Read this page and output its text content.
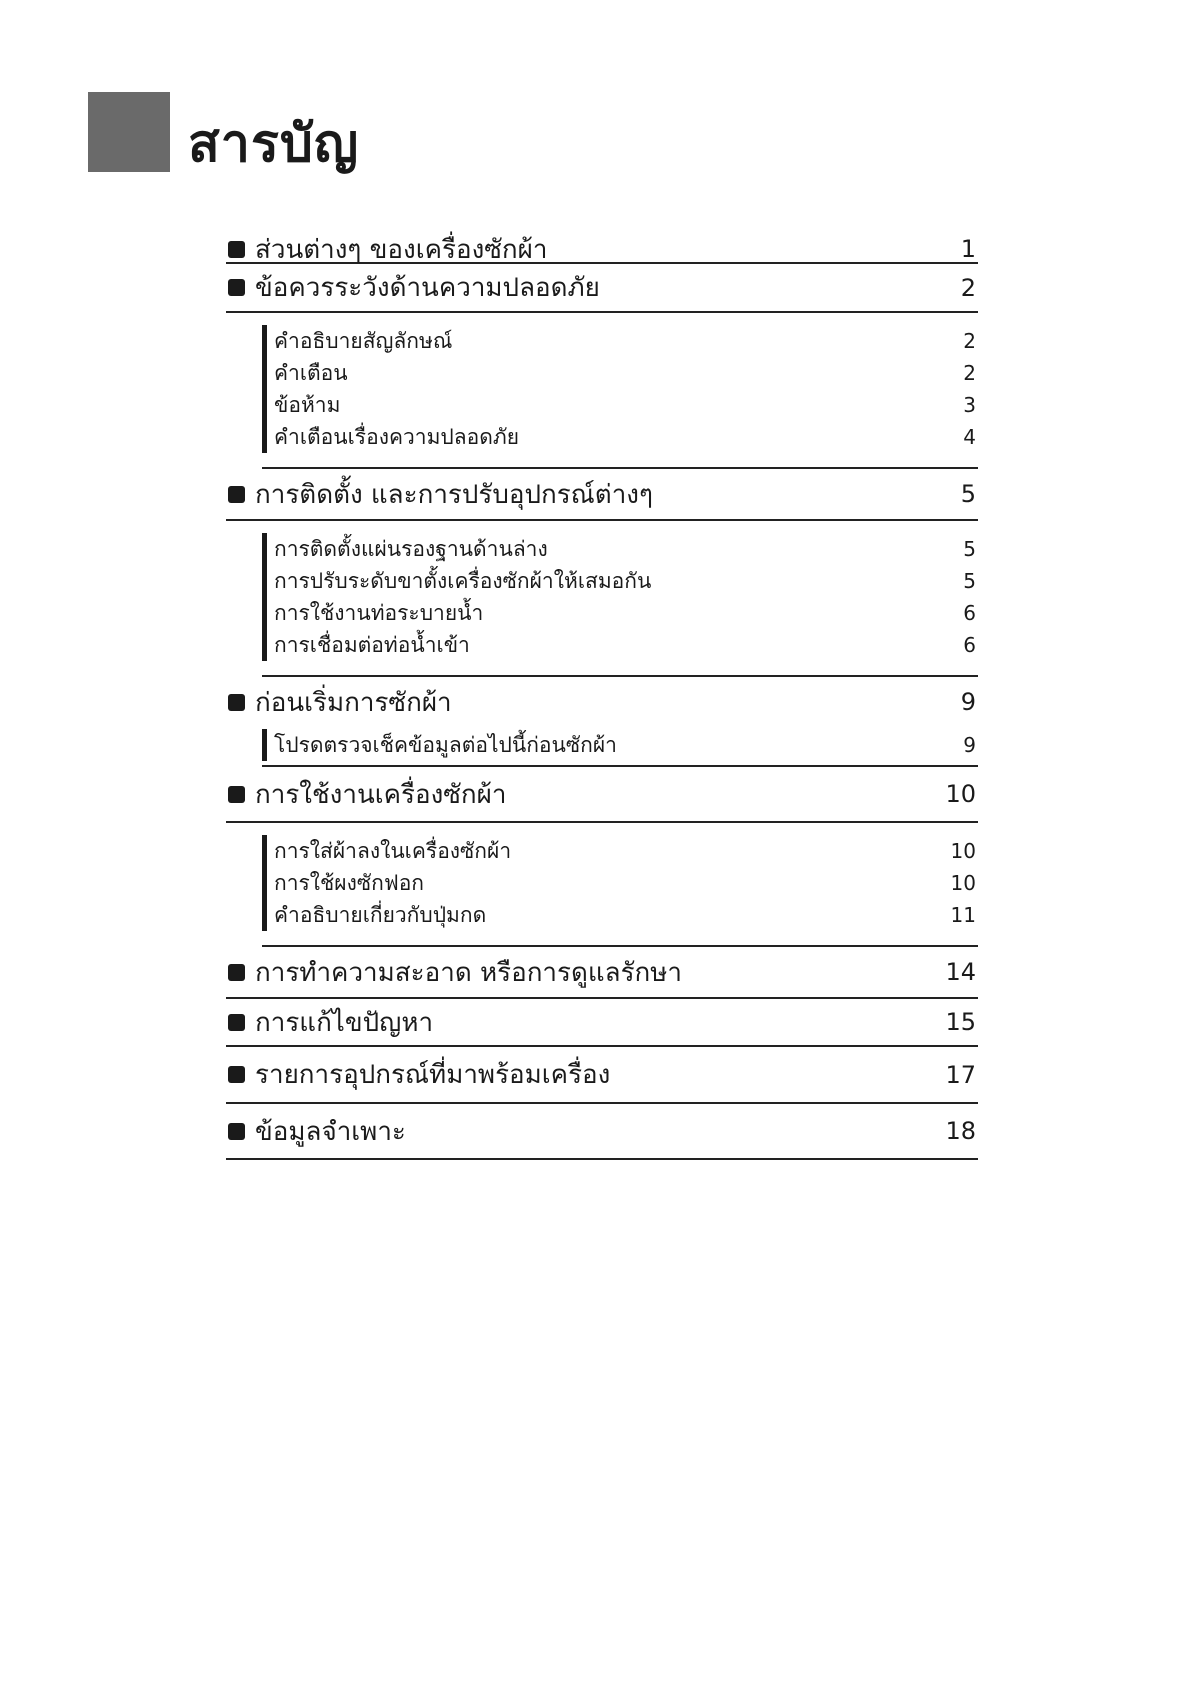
สารบัญ
ส่วนต่างๆ ของเครื่องซักผ้า	1
ข้อควรระวังด้านความปลอดภัย	2
คำอธิบายสัญลักษณ์	2
คำเตือน	2
ข้อห้าม	3
คำเตือนเรื่องความปลอดภัย	4
การติดตั้ง และการปรับอุปกรณ์ต่างๆ	5
การติดตั้งแผ่นรองฐานด้านล่าง	5
การปรับระดับขาตั้งเครื่องซักผ้าให้เสมอกัน	5
การใช้งานท่อระบายน้ำ	6
การเชื่อมต่อท่อน้ำเข้า	6
ก่อนเริ่มการซักผ้า	9
โปรดตรวจเช็คข้อมูลต่อไปนี้ก่อนซักผ้า	9
การใช้งานเครื่องซักผ้า	10
การใส่ผ้าลงในเครื่องซักผ้า	10
การใช้ผงซักฟอก	10
คำอธิบายเกี่ยวกับปุ่มกด	11
การทำความสะอาด หรือการดูแลรักษา	14
การแก้ไขปัญหา	15
รายการอุปกรณ์ที่มาพร้อมเครื่อง	17
ข้อมูลจำเพาะ	18
